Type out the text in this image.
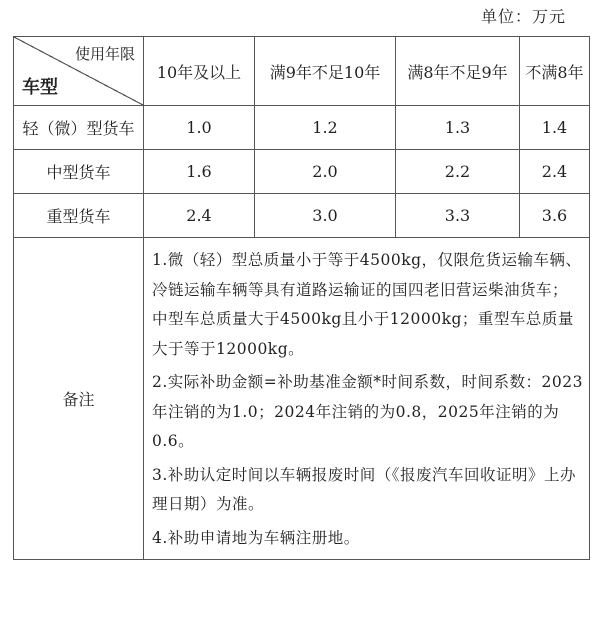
单位：万元
使用年限
车型	10年及以上	满9年不足10年	满8年不足9年	不满8年
轻（微）型货车	1.0	1.2	1.3	1.4
中型货车	1.6	2.0	2.2	2.4
重型货车	2.4	3.0	3.3	3.6
备注	1.微（轻）型总质量小于等于4500kg，仅限危货运输车辆、冷链运输车辆等具有道路运输证的国四老旧营运柴油货车；中型车总质量大于4500kg且小于12000kg；重型车总质量大于等于12000kg。
2.实际补助金额=补助基准金额*时间系数，时间系数：2023年注销的为1.0；2024年注销的为0.8，2025年注销的为0.6。
3.补助认定时间以车辆报废时间（《报废汽车回收证明》上办理日期）为准。
4.补助申请地为车辆注册地。			
